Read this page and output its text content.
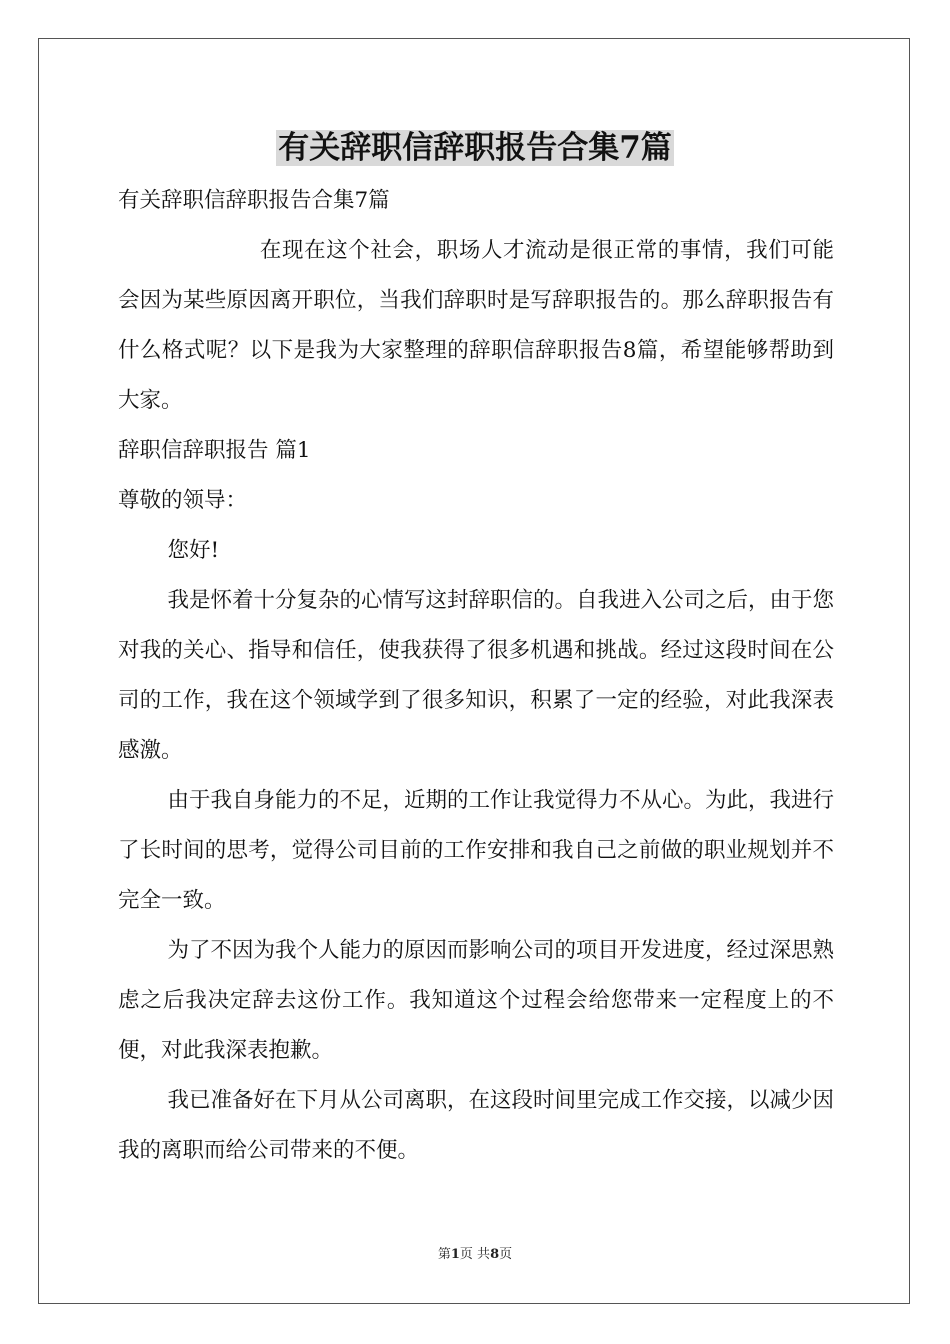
有关辞职信辞职报告合集7篇

有关辞职信辞职报告合集7篇

在现在这个社会，职场人才流动是很正常的事情，我们可能会因为某些原因离开职位，当我们辞职时是写辞职报告的。那么辞职报告有什么格式呢？以下是我为大家整理的辞职信辞职报告8篇，希望能够帮助到大家。

辞职信辞职报告 篇1

尊敬的领导：

您好!

我是怀着十分复杂的心情写这封辞职信的。自我进入公司之后，由于您对我的关心、指导和信任，使我获得了很多机遇和挑战。经过这段时间在公司的工作，我在这个领域学到了很多知识，积累了一定的经验，对此我深表感激。

由于我自身能力的不足，近期的工作让我觉得力不从心。为此，我进行了长时间的思考，觉得公司目前的工作安排和我自己之前做的职业规划并不完全一致。

为了不因为我个人能力的原因而影响公司的项目开发进度，经过深思熟虑之后我决定辞去这份工作。我知道这个过程会给您带来一定程度上的不便，对此我深表抱歉。

我已准备好在下月从公司离职，在这段时间里完成工作交接，以减少因我的离职而给公司带来的不便。

第1页 共8页
